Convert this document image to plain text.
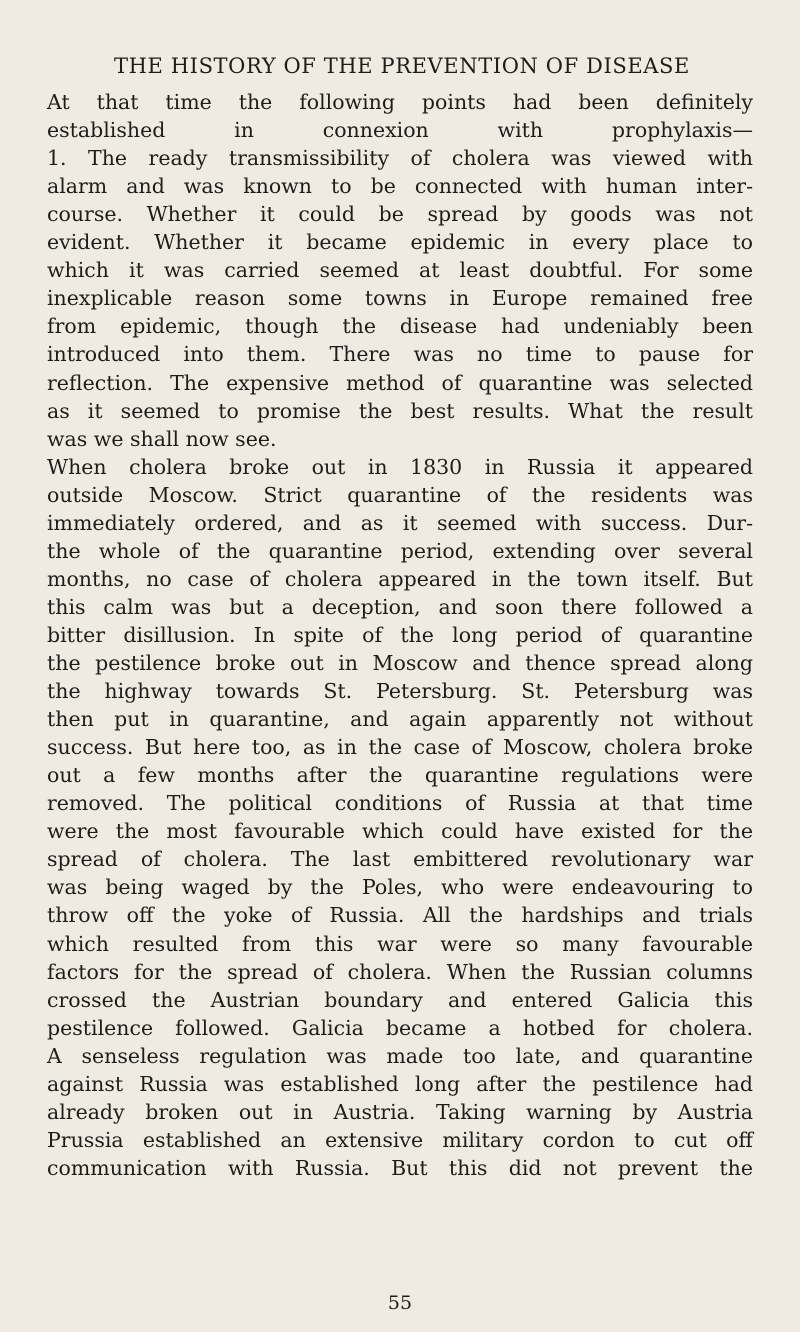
THE HISTORY OF THE PREVENTION OF DISEASE
At that time the following points had been definitely
established in connexion with prophylaxis—
1. The ready transmissibility of cholera was viewed with
alarm and was known to be connected with human inter-
course. Whether it could be spread by goods was not
evident. Whether it became epidemic in every place to
which it was carried seemed at least doubtful. For some
inexplicable reason some towns in Europe remained free
from epidemic, though the disease had undeniably been
introduced into them. There was no time to pause for
reflection. The expensive method of quarantine was selected
as it seemed to promise the best results. What the result
was we shall now see.
When cholera broke out in 1830 in Russia it appeared
outside Moscow. Strict quarantine of the residents was
immediately ordered, and as it seemed with success. Dur-
the whole of the quarantine period, extending over several
months, no case of cholera appeared in the town itself. But
this calm was but a deception, and soon there followed a
bitter disillusion. In spite of the long period of quarantine
the pestilence broke out in Moscow and thence spread along
the highway towards St. Petersburg. St. Petersburg was
then put in quarantine, and again apparently not without
success. But here too, as in the case of Moscow, cholera broke
out a few months after the quarantine regulations were
removed. The political conditions of Russia at that time
were the most favourable which could have existed for the
spread of cholera. The last embittered revolutionary war
was being waged by the Poles, who were endeavouring to
throw off the yoke of Russia. All the hardships and trials
which resulted from this war were so many favourable
factors for the spread of cholera. When the Russian columns
crossed the Austrian boundary and entered Galicia this
pestilence followed. Galicia became a hotbed for cholera.
A senseless regulation was made too late, and quarantine
against Russia was established long after the pestilence had
already broken out in Austria. Taking warning by Austria
Prussia established an extensive military cordon to cut off
communication with Russia. But this did not prevent the
55
